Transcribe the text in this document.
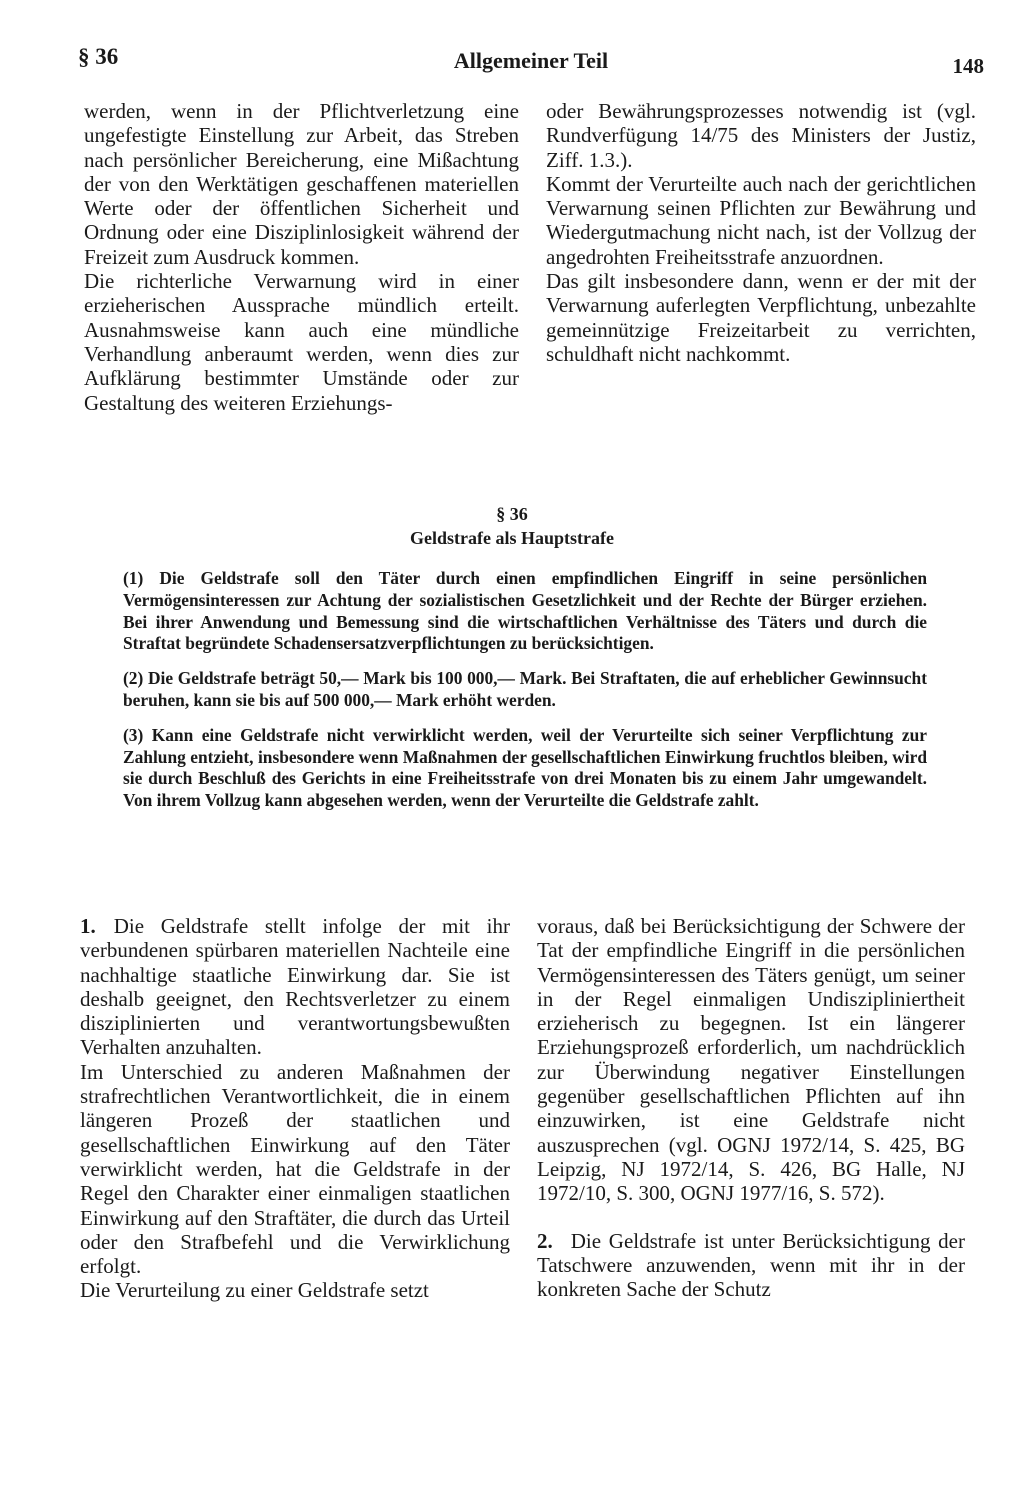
§ 36	Allgemeiner Teil	148

werden, wenn in der Pflichtverletzung eine ungefestigte Einstellung zur Arbeit, das Streben nach persönlicher Bereicherung, eine Mißachtung der von den Werktätigen geschaffenen materiellen Werte oder der öffentlichen Sicherheit und Ordnung oder eine Disziplinlosigkeit während der Freizeit zum Ausdruck kommen.

Die richterliche Verwarnung wird in einer erzieherischen Aussprache mündlich erteilt. Ausnahmsweise kann auch eine mündliche Verhandlung anberaumt werden, wenn dies zur Aufklärung bestimmter Umstände oder zur Gestaltung des weiteren Erziehungs-

oder Bewährungsprozesses notwendig ist (vgl. Rundverfügung 14/75 des Ministers der Justiz, Ziff. 1.3.).

Kommt der Verurteilte auch nach der gerichtlichen Verwarnung seinen Pflichten zur Bewährung und Wiedergutmachung nicht nach, ist der Vollzug der angedrohten Freiheitsstrafe anzuordnen.

Das gilt insbesondere dann, wenn er der mit der Verwarnung auferlegten Verpflichtung, unbezahlte gemeinnützige Freizeitarbeit zu verrichten, schuldhaft nicht nachkommt.

§ 36
Geldstrafe als Hauptstrafe

(1) Die Geldstrafe soll den Täter durch einen empfindlichen Eingriff in seine persönlichen Vermögensinteressen zur Achtung der sozialistischen Gesetzlichkeit und der Rechte der Bürger erziehen. Bei ihrer Anwendung und Bemessung sind die wirtschaftlichen Verhältnisse des Täters und durch die Straftat begründete Schadensersatzverpflichtungen zu berücksichtigen.

(2) Die Geldstrafe beträgt 50,— Mark bis 100 000,— Mark. Bei Straftaten, die auf erheblicher Gewinnsucht beruhen, kann sie bis auf 500 000,— Mark erhöht werden.

(3) Kann eine Geldstrafe nicht verwirklicht werden, weil der Verurteilte sich seiner Verpflichtung zur Zahlung entzieht, insbesondere wenn Maßnahmen der gesellschaftlichen Einwirkung fruchtlos bleiben, wird sie durch Beschluß des Gerichts in eine Freiheitsstrafe von drei Monaten bis zu einem Jahr umgewandelt. Von ihrem Vollzug kann abgesehen werden, wenn der Verurteilte die Geldstrafe zahlt.

1. Die Geldstrafe stellt infolge der mit ihr verbundenen spürbaren materiellen Nachteile eine nachhaltige staatliche Einwirkung dar. Sie ist deshalb geeignet, den Rechtsverletzer zu einem disziplinierten und verantwortungsbewußten Verhalten anzuhalten.

Im Unterschied zu anderen Maßnahmen der strafrechtlichen Verantwortlichkeit, die in einem längeren Prozeß der staatlichen und gesellschaftlichen Einwirkung auf den Täter verwirklicht werden, hat die Geldstrafe in der Regel den Charakter einer einmaligen staatlichen Einwirkung auf den Straftäter, die durch das Urteil oder den Strafbefehl und die Verwirklichung erfolgt.

Die Verurteilung zu einer Geldstrafe setzt

voraus, daß bei Berücksichtigung der Schwere der Tat der empfindliche Eingriff in die persönlichen Vermögensinteressen des Täters genügt, um seiner in der Regel einmaligen Undiszipliniertheit erzieherisch zu begegnen. Ist ein längerer Erziehungsprozeß erforderlich, um nachdrücklich zur Überwindung negativer Einstellungen gegenüber gesellschaftlichen Pflichten auf ihn einzuwirken, ist eine Geldstrafe nicht auszusprechen (vgl. OGNJ 1972/14, S. 425, BG Leipzig, NJ 1972/14, S. 426, BG Halle, NJ 1972/10, S. 300, OGNJ 1977/16, S. 572).

2. Die Geldstrafe ist unter Berücksichtigung der Tatschwere anzuwenden, wenn mit ihr in der konkreten Sache der Schutz
